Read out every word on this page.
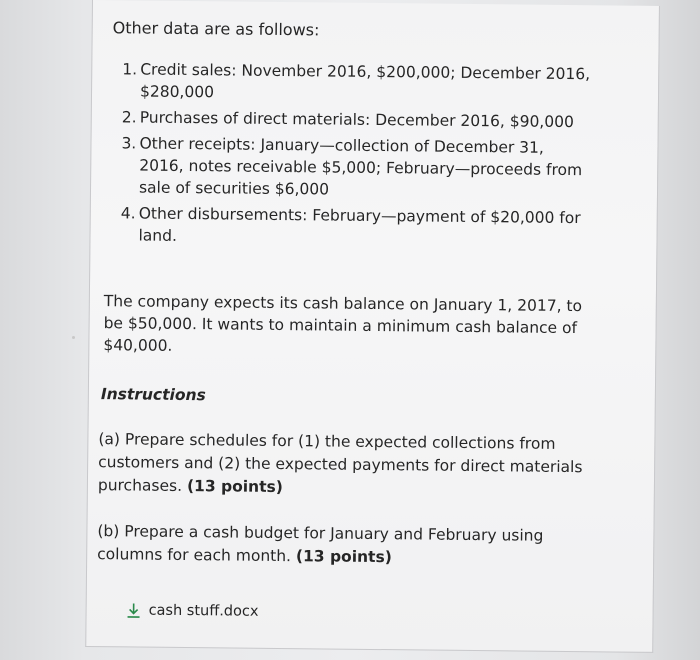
Other data are as follows:

1. Credit sales: November 2016, $200,000; December 2016, $280,000
2. Purchases of direct materials: December 2016, $90,000
3. Other receipts: January—collection of December 31, 2016, notes receivable $5,000; February—proceeds from sale of securities $6,000
4. Other disbursements: February—payment of $20,000 for land.

The company expects its cash balance on January 1, 2017, to be $50,000. It wants to maintain a minimum cash balance of $40,000.

Instructions

(a) Prepare schedules for (1) the expected collections from customers and (2) the expected payments for direct materials purchases. (13 points)

(b) Prepare a cash budget for January and February using columns for each month. (13 points)

cash stuff.docx
